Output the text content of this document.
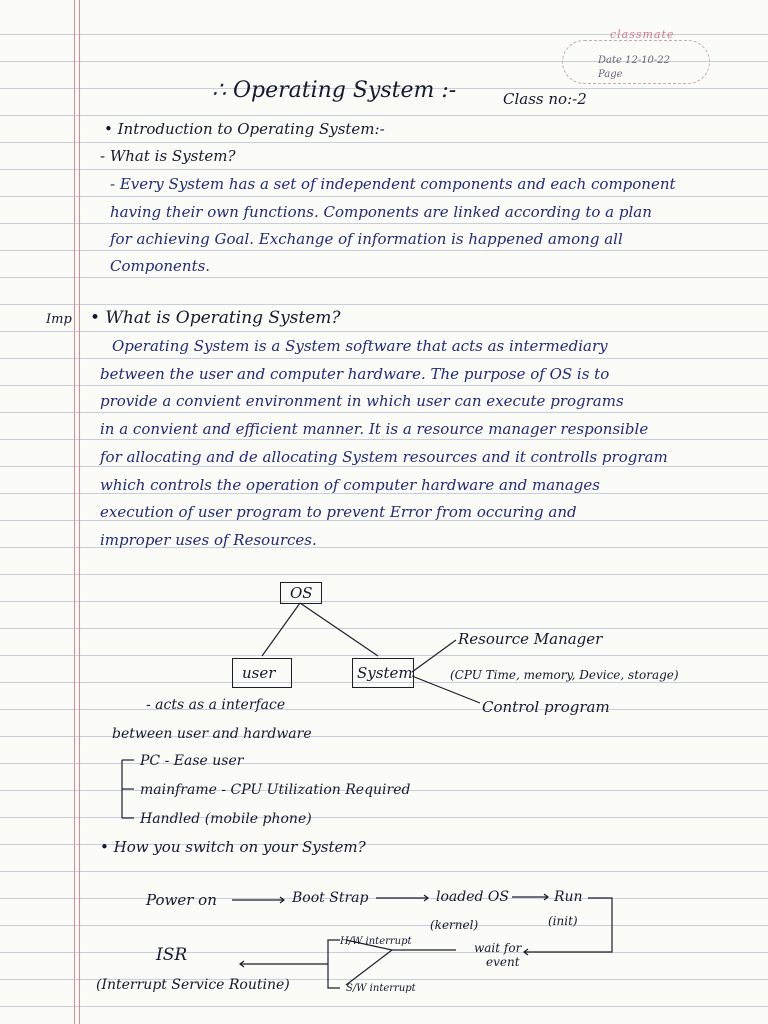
classmate
Date 12-10-22
Page
∴ Operating System :-	Class no:-2
• Introduction to Operating System:-
- What is System?
- Every System has a set of independent components and each component
having their own functions. Components are linked according to a plan
for achieving Goal. Exchange of information is happened among all
Components.
Imp • What is Operating System?
Operating System is a System software that acts as intermediary
between the user and computer hardware. The purpose of OS is to
provide a convient environment in which user can execute programs
in a convient and efficient manner. It is a resource manager responsible
for allocating and de allocating System resources and it controlls program
which controls the operation of computer hardware and manages
execution of user program to prevent Error from occuring and
improper uses of Resources.
OS
user	System
Resource Manager
(CPU Time, memory, Device, storage)
Control program
- acts as a interface
between user and hardware
PC - Ease user
mainframe - CPU Utilization Required
Handled (mobile phone)
• How you switch on your System?
Power on	Boot Strap	loaded OS
(kernel)
Run
(init)
wait for
event
H/W interrupt
S/W interrupt
ISR
(Interrupt Service Routine)
